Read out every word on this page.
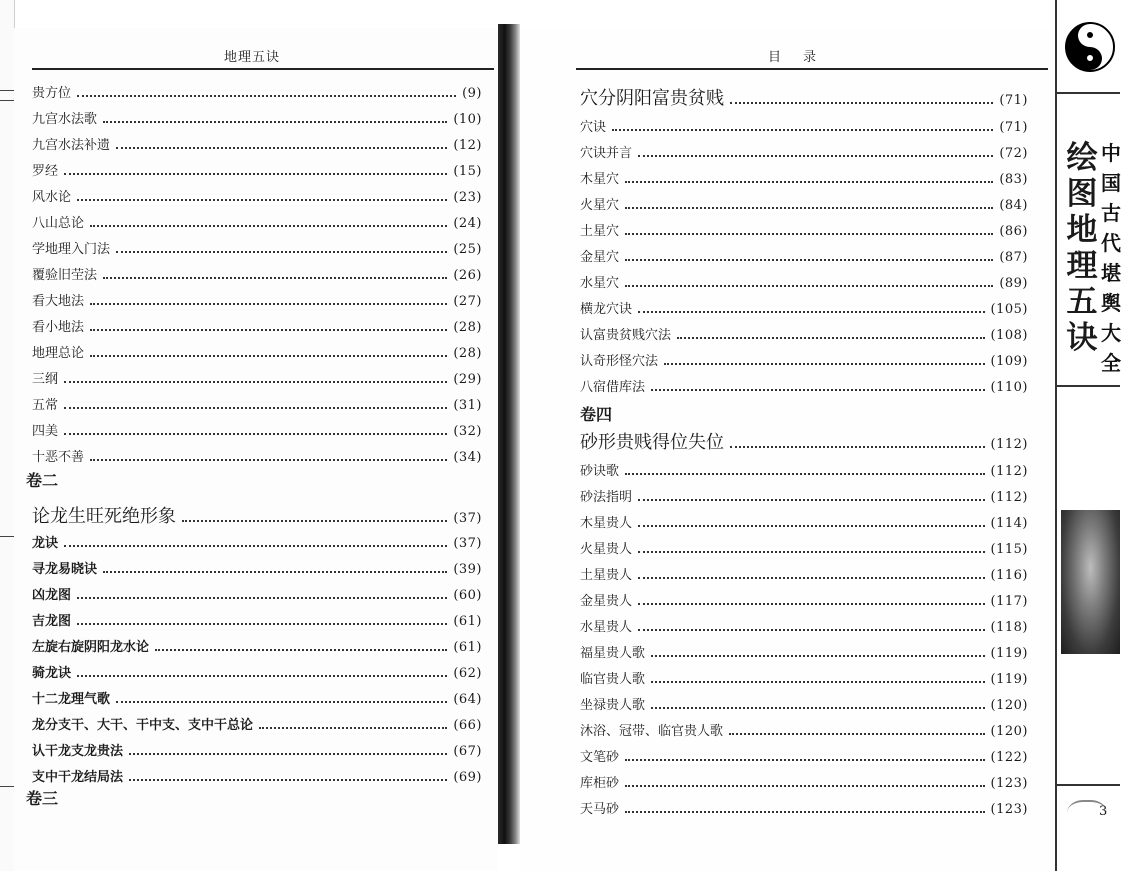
地理五诀
贵方位	(9)
九宫水法歌	(10)
九宫水法补遗	(12)
罗经	(15)
风水论	(23)
八山总论	(24)
学地理入门法	(25)
覆验旧茔法	(26)
看大地法	(27)
看小地法	(28)
地理总论	(28)
三纲	(29)
五常	(31)
四美	(32)
十恶不善	(34)
论龙生旺死绝形象	(37)
龙诀	(37)
寻龙易晓诀	(39)
凶龙图	(60)
吉龙图	(61)
左旋右旋阴阳龙水论	(61)
骑龙诀	(62)
十二龙理气歌	(64)
龙分支干、大干、干中支、支中干总论	(66)
认干龙支龙贵法	(67)
支中干龙结局法	(69)
卷二
卷三
目录
穴分阴阳富贵贫贱	(71)
穴诀	(71)
穴诀并言	(72)
木星穴	(83)
火星穴	(84)
土星穴	(86)
金星穴	(87)
水星穴	(89)
横龙穴诀	(105)
认富贵贫贱穴法	(108)
认奇形怪穴法	(109)
八宿借库法	(110)
砂形贵贱得位失位	(112)
砂诀歌	(112)
砂法指明	(112)
木星贵人	(114)
火星贵人	(115)
土星贵人	(116)
金星贵人	(117)
水星贵人	(118)
福星贵人歌	(119)
临官贵人歌	(119)
坐禄贵人歌	(120)
沐浴、冠带、临官贵人歌	(120)
文笔砂	(122)
库柜砂	(123)
天马砂	(123)
卷四
绘图地理五诀
中国古代堪舆大全
3
